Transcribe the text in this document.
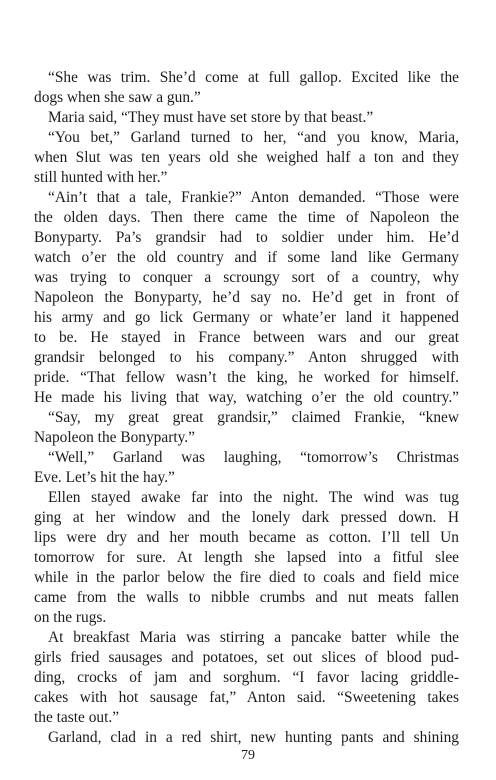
“She was trim. She’d come at full gallop. Excited like the
dogs when she saw a gun.”
Maria said, “They must have set store by that beast.”
“You bet,” Garland turned to her, “and you know, Maria,
when Slut was ten years old she weighed half a ton and they
still hunted with her.”
“Ain’t that a tale, Frankie?” Anton demanded. “Those were
the olden days. Then there came the time of Napoleon the
Bonyparty. Pa’s grandsir had to soldier under him. He’d
watch o’er the old country and if some land like Germany
was trying to conquer a scroungy sort of a country, why
Napoleon the Bonyparty, he’d say no. He’d get in front of
his army and go lick Germany or whate’er land it happened
to be. He stayed in France between wars and our great
grandsir belonged to his company.” Anton shrugged with
pride. “That fellow wasn’t the king, he worked for himself.
He made his living that way, watching o’er the old country.”
“Say, my great great grandsir,” claimed Frankie, “knew
Napoleon the Bonyparty.”
“Well,” Garland was laughing, “tomorrow’s Christmas
Eve. Let’s hit the hay.”
Ellen stayed awake far into the night. The wind was tug
ging at her window and the lonely dark pressed down. H
lips were dry and her mouth became as cotton. I’ll tell Un
tomorrow for sure. At length she lapsed into a fitful slee
while in the parlor below the fire died to coals and field mice
came from the walls to nibble crumbs and nut meats fallen
on the rugs.
At breakfast Maria was stirring a pancake batter while the
girls fried sausages and potatoes, set out slices of blood pud-
ding, crocks of jam and sorghum. “I favor lacing griddle-
cakes with hot sausage fat,” Anton said. “Sweetening takes
the taste out.”
Garland, clad in a red shirt, new hunting pants and shining
79
